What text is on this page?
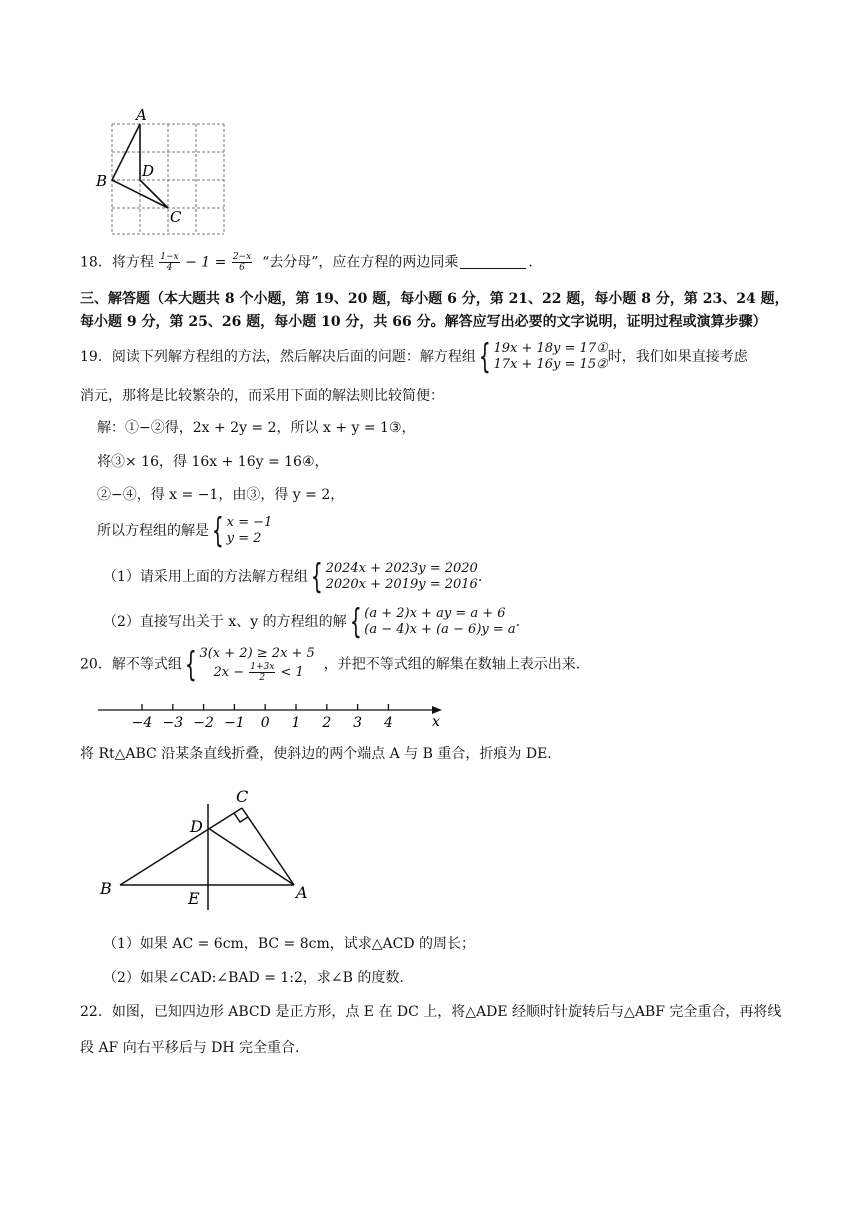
A
B
D
C
18．将方程 $\frac{1-x}{4} - 1 = \frac{2-x}{6}$ “去分母”，应在方程的两边同乘	.
三、解答题（本大题共 8 个小题，第 19、20 题，每小题 6 分，第 21、22 题，每小题 8 分，第 23、24 题，
每小题 9 分，第 25、26 题，每小题 10 分，共 66 分。解答应写出必要的文字说明，证明过程或演算步骤）
19．阅读下列解方程组的方法，然后解决后面的问题：解方程组{ 19x + 18y = 17①
17x + 16y = 15② 时，我们如果直接考虑
消元，那将是比较繁杂的，而采用下面的解法则比较简便：
解：①−②得，2x + 2y = 2，所以 x + y = 1③，
将③× 16，得 16x + 16y = 16④，
②−④，得 x = −1，由③，得 y = 2，
所以方程组的解是{ x = −1
y = 2
（1）请采用上面的方法解方程组{ 2024x + 2023y = 2020
2020x + 2019y = 2016 .
（2）直接写出关于 x、y 的方程组的解{ (a + 2)x + ay = a + 6
(a − 4)x + (a − 6)y = a .
20．解不等式组{ 3(x + 2) ≥ 2x + 5
$2x - \frac{1+3x}{2} < 1$	，并把不等式组的解集在数轴上表示出来.
−4 −3 −2 −1 0 1 2 3 4	x
将 Rt△ABC 沿某条直线折叠，使斜边的两个端点 A 与 B 重合，折痕为 DE.
C
D
B
E	A
（1）如果 AC = 6cm，BC = 8cm，试求△ACD 的周长；
（2）如果∠CAD:∠BAD = 1:2，求∠B 的度数.
22．如图，已知四边形 ABCD 是正方形，点 E 在 DC 上，将△ADE 经顺时针旋转后与△ABF 完全重合，再将线
段 AF 向右平移后与 DH 完全重合.
